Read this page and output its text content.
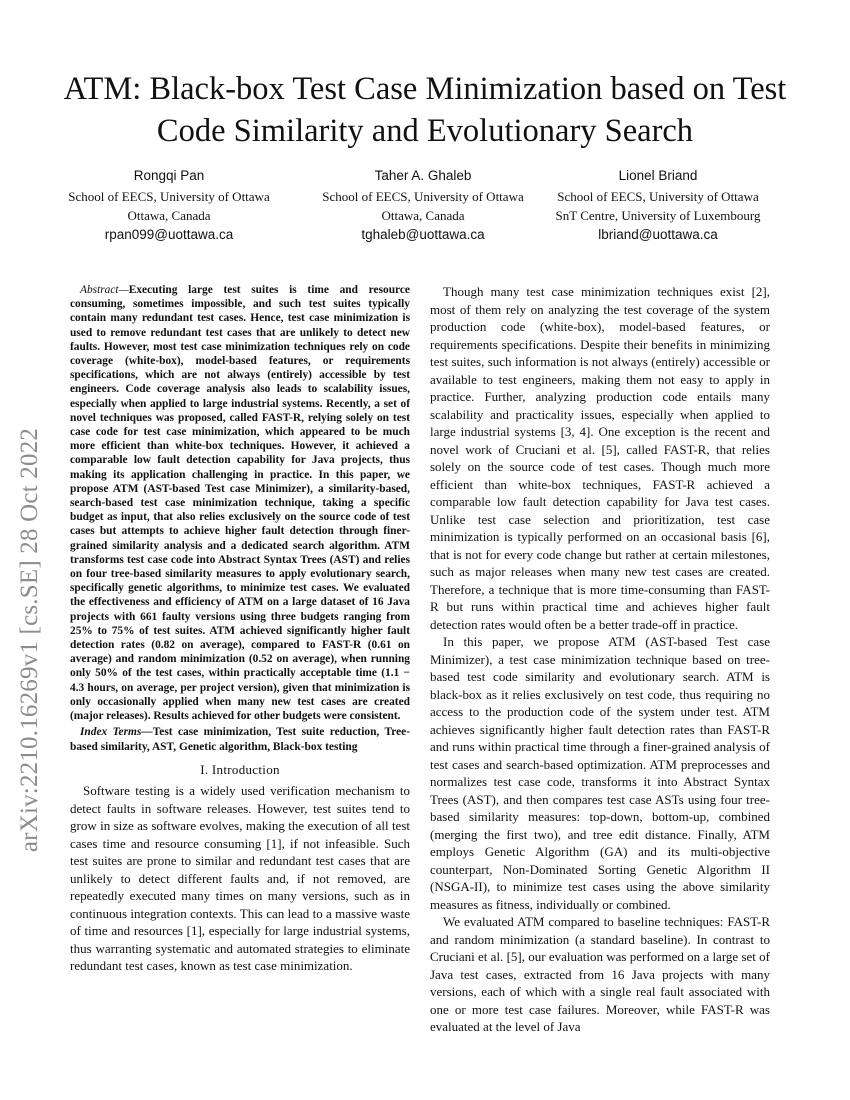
arXiv:2210.16269v1 [cs.SE] 28 Oct 2022
ATM: Black-box Test Case Minimization based on Test Code Similarity and Evolutionary Search
Rongqi Pan
School of EECS, University of Ottawa
Ottawa, Canada
rpan099@uottawa.ca
Taher A. Ghaleb
School of EECS, University of Ottawa
Ottawa, Canada
tghaleb@uottawa.ca
Lionel Briand
School of EECS, University of Ottawa
SnT Centre, University of Luxembourg
lbriand@uottawa.ca

Abstract—Executing large test suites is time and resource consuming, sometimes impossible, and such test suites typically contain many redundant test cases. Hence, test case minimization is used to remove redundant test cases that are unlikely to detect new faults. However, most test case minimization techniques rely on code coverage (white-box), model-based features, or requirements specifications, which are not always (entirely) accessible by test engineers. Code coverage analysis also leads to scalability issues, especially when applied to large industrial systems. Recently, a set of novel techniques was proposed, called FAST-R, relying solely on test case code for test case minimization, which appeared to be much more efficient than white-box techniques. However, it achieved a comparable low fault detection capability for Java projects, thus making its application challenging in practice. In this paper, we propose ATM (AST-based Test case Minimizer), a similarity-based, search-based test case minimization technique, taking a specific budget as input, that also relies exclusively on the source code of test cases but attempts to achieve higher fault detection through finer-grained similarity analysis and a dedicated search algorithm. ATM transforms test case code into Abstract Syntax Trees (AST) and relies on four tree-based similarity measures to apply evolutionary search, specifically genetic algorithms, to minimize test cases. We evaluated the effectiveness and efficiency of ATM on a large dataset of 16 Java projects with 661 faulty versions using three budgets ranging from 25% to 75% of test suites. ATM achieved significantly higher fault detection rates (0.82 on average), compared to FAST-R (0.61 on average) and random minimization (0.52 on average), when running only 50% of the test cases, within practically acceptable time (1.1 − 4.3 hours, on average, per project version), given that minimization is only occasionally applied when many new test cases are created (major releases). Results achieved for other budgets were consistent.

Index Terms—Test case minimization, Test suite reduction, Tree-based similarity, AST, Genetic algorithm, Black-box testing

I. Introduction

Software testing is a widely used verification mechanism to detect faults in software releases. However, test suites tend to grow in size as software evolves, making the execution of all test cases time and resource consuming [1], if not infeasible. Such test suites are prone to similar and redundant test cases that are unlikely to detect different faults and, if not removed, are repeatedly executed many times on many versions, such as in continuous integration contexts. This can lead to a massive waste of time and resources [1], especially for large industrial systems, thus warranting systematic and automated strategies to eliminate redundant test cases, known as test case minimization.

Though many test case minimization techniques exist [2], most of them rely on analyzing the test coverage of the system production code (white-box), model-based features, or requirements specifications. Despite their benefits in minimizing test suites, such information is not always (entirely) accessible or available to test engineers, making them not easy to apply in practice. Further, analyzing production code entails many scalability and practicality issues, especially when applied to large industrial systems [3, 4]. One exception is the recent and novel work of Cruciani et al. [5], called FAST-R, that relies solely on the source code of test cases. Though much more efficient than white-box techniques, FAST-R achieved a comparable low fault detection capability for Java test cases. Unlike test case selection and prioritization, test case minimization is typically performed on an occasional basis [6], that is not for every code change but rather at certain milestones, such as major releases when many new test cases are created. Therefore, a technique that is more time-consuming than FAST-R but runs within practical time and achieves higher fault detection rates would often be a better trade-off in practice.

In this paper, we propose ATM (AST-based Test case Minimizer), a test case minimization technique based on tree-based test code similarity and evolutionary search. ATM is black-box as it relies exclusively on test code, thus requiring no access to the production code of the system under test. ATM achieves significantly higher fault detection rates than FAST-R and runs within practical time through a finer-grained analysis of test cases and search-based optimization. ATM preprocesses and normalizes test case code, transforms it into Abstract Syntax Trees (AST), and then compares test case ASTs using four tree-based similarity measures: top-down, bottom-up, combined (merging the first two), and tree edit distance. Finally, ATM employs Genetic Algorithm (GA) and its multi-objective counterpart, Non-Dominated Sorting Genetic Algorithm II (NSGA-II), to minimize test cases using the above similarity measures as fitness, individually or combined.

We evaluated ATM compared to baseline techniques: FAST-R and random minimization (a standard baseline). In contrast to Cruciani et al. [5], our evaluation was performed on a large set of Java test cases, extracted from 16 Java projects with many versions, each of which with a single real fault associated with one or more test case failures. Moreover, while FAST-R was evaluated at the level of Java
